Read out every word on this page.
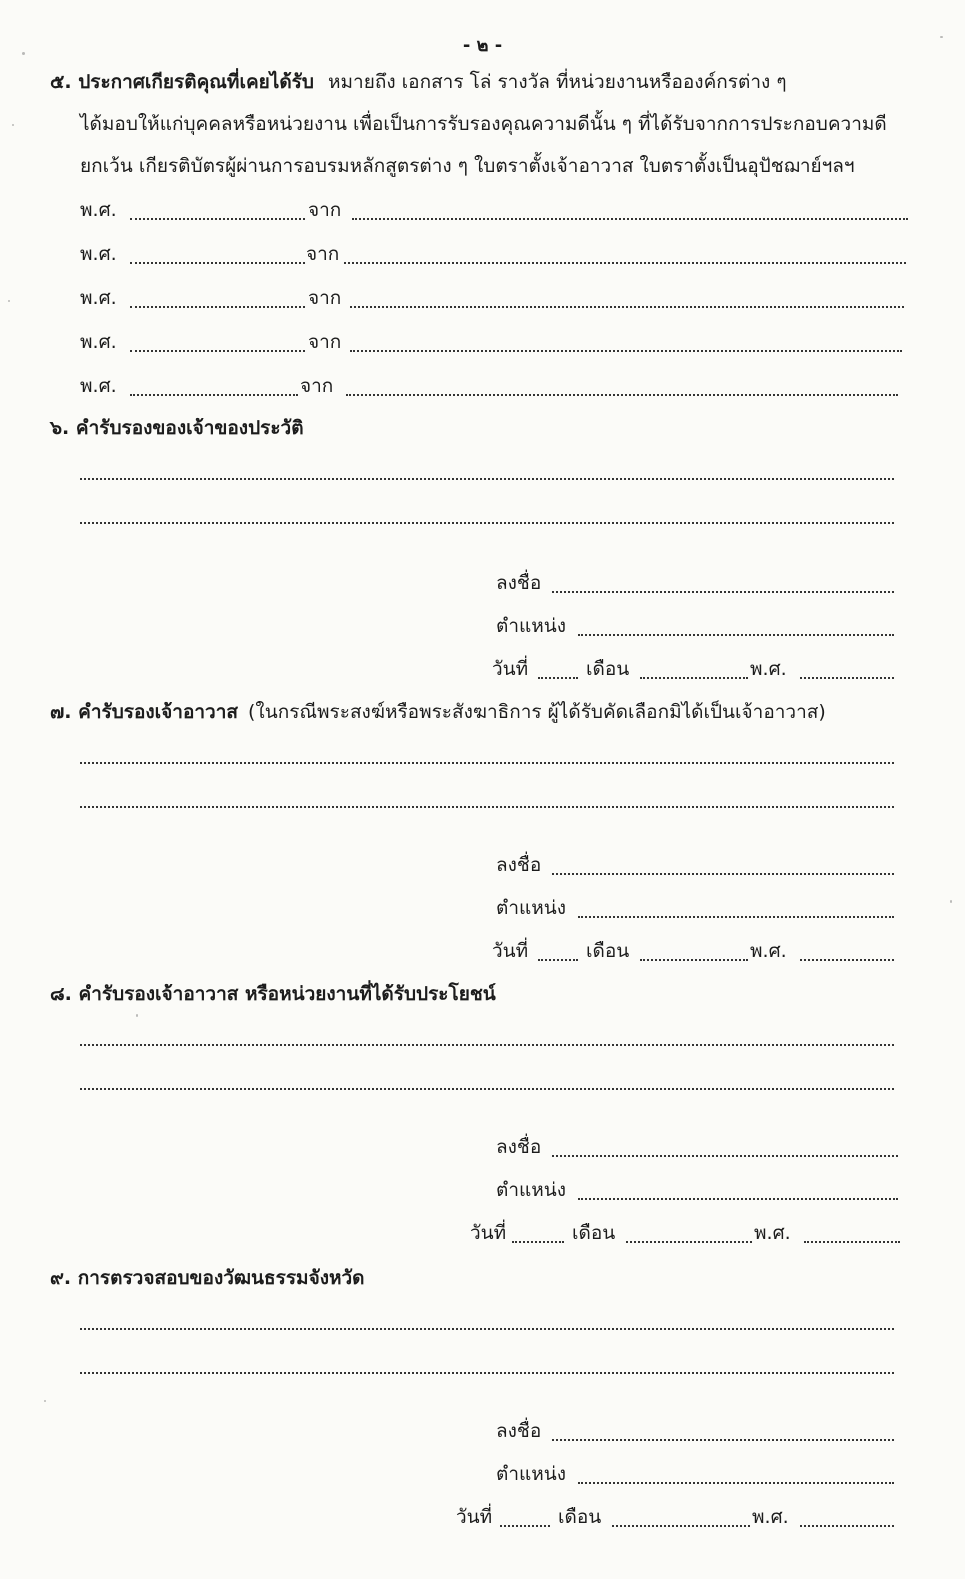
- ๒ -
๕. ประกาศเกียรติคุณที่เคยได้รับ หมายถึง เอกสาร โล่ รางวัล ที่หน่วยงานหรือองค์กรต่าง ๆ
ได้มอบให้แก่บุคคลหรือหน่วยงาน เพื่อเป็นการรับรองคุณความดีนั้น ๆ ที่ได้รับจากการประกอบความดี
ยกเว้น เกียรติบัตรผู้ผ่านการอบรมหลักสูตรต่าง ๆ ใบตราตั้งเจ้าอาวาส ใบตราตั้งเป็นอุปัชฌาย์ฯลฯ
พ.ศ.	จาก
พ.ศ.	จาก
พ.ศ.	จาก
พ.ศ.	จาก
พ.ศ.	จาก
๖. คำรับรองของเจ้าของประวัติ
ลงชื่อ
ตำแหน่ง
วันที่	เดือน	พ.ศ.
๗. คำรับรองเจ้าอาวาส (ในกรณีพระสงฆ์หรือพระสังฆาธิการ ผู้ได้รับคัดเลือกมิได้เป็นเจ้าอาวาส)
ลงชื่อ
ตำแหน่ง
วันที่	เดือน	พ.ศ.
๘. คำรับรองเจ้าอาวาส หรือหน่วยงานที่ได้รับประโยชน์
ลงชื่อ
ตำแหน่ง
วันที่	เดือน	พ.ศ.
๙. การตรวจสอบของวัฒนธรรมจังหวัด
ลงชื่อ
ตำแหน่ง
วันที่	เดือน	พ.ศ.
